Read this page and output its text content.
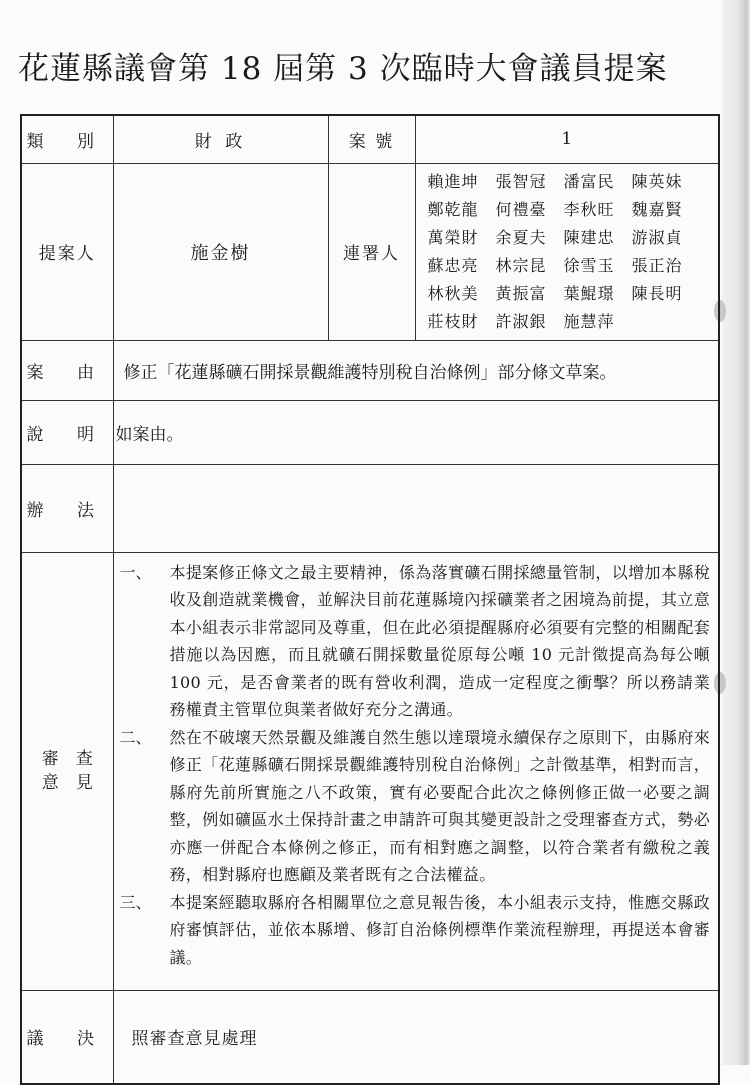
花蓮縣議會第 18 屆第 3 次臨時大會議員提案
類 別	財 政	案 號	1
提案人	施金樹	連署人	
賴進坤 張智冠 潘富民 陳英妹
鄭乾龍 何禮臺 李秋旺 魏嘉賢
萬榮財 余夏夫 陳建忠 游淑貞
蘇忠亮 林宗昆 徐雪玉 張正治
林秋美 黃振富 葉鯤璟 陳長明
莊枝財 許淑銀 施慧萍

案 由	修正「花蓮縣礦石開採景觀維護特別稅自治條例」部分條文草案。		
說 明	如案由。		
辦 法			

審 查
意 見

一、	本提案修正條文之最主要精神，係為落實礦石開採總量管制，以增加本縣稅收及創造就業機會，並解決目前花蓮縣境內採礦業者之困境為前提，其立意本小組表示非常認同及尊重，但在此必須提醒縣府必須要有完整的相關配套措施以為因應，而且就礦石開採數量從原每公噸 10 元計徵提高為每公噸 100 元，是否會業者的既有營收利潤，造成一定程度之衝擊？所以務請業務權責主管單位與業者做好充分之溝通。
二、	然在不破壞天然景觀及維護自然生態以達環境永續保存之原則下，由縣府來修正「花蓮縣礦石開採景觀維護特別稅自治條例」之計徵基準，相對而言，縣府先前所實施之八不政策，實有必要配合此次之條例修正做一必要之調整，例如礦區水土保持計畫之申請許可與其變更設計之受理審查方式，勢必亦應一併配合本條例之修正，而有相對應之調整，以符合業者有繳稅之義務，相對縣府也應顧及業者既有之合法權益。
三、	本提案經聽取縣府各相關單位之意見報告後，本小組表示支持，惟應交縣政府審慎評估，並依本縣增、修訂自治條例標準作業流程辦理，再提送本會審議。

議 決	照審查意見處理		
